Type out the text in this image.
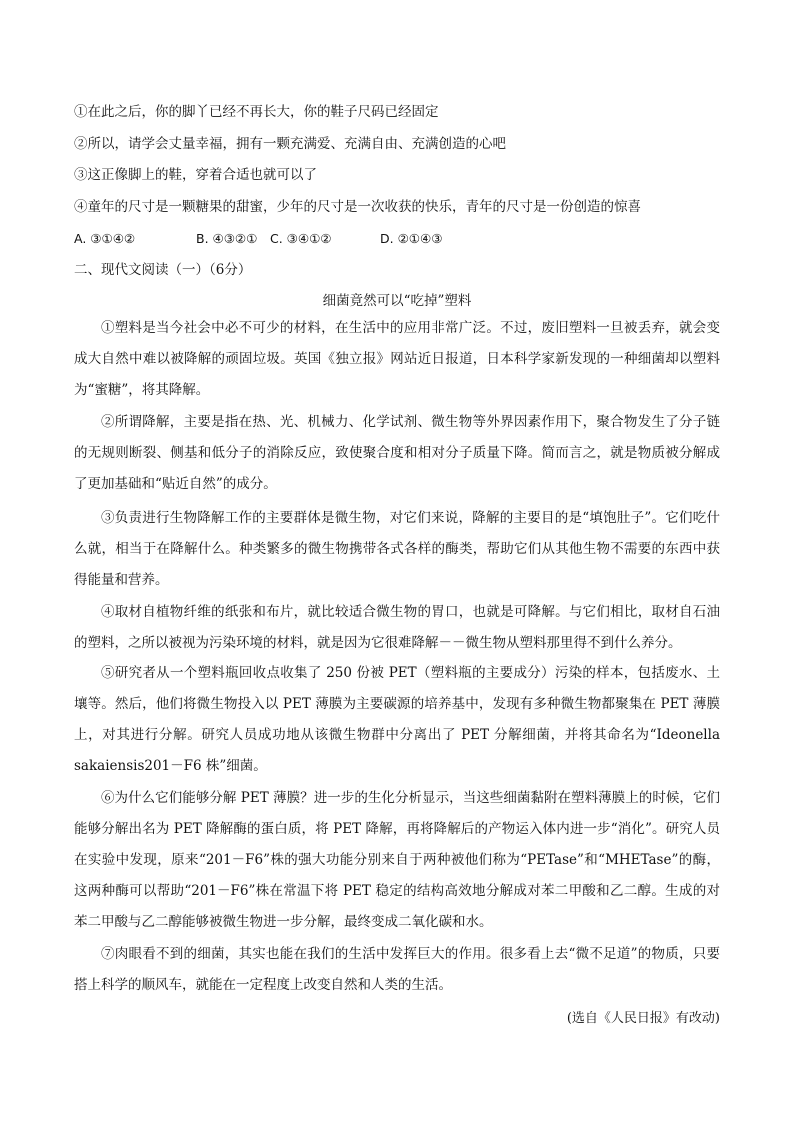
①在此之后，你的脚丫已经不再长大，你的鞋子尺码已经固定
②所以，请学会丈量幸福，拥有一颗充满爱、充满自由、充满创造的心吧
③这正像脚上的鞋，穿着合适也就可以了
④童年的尺寸是一颗糖果的甜蜜，少年的尺寸是一次收获的快乐，青年的尺寸是一份创造的惊喜
A. ③①④②	B. ④③②① C. ③④①②	D. ②①④③
二、现代文阅读（一）（6分）
细菌竟然可以“吃掉”塑料

①塑料是当今社会中必不可少的材料，在生活中的应用非常广泛。不过，废旧塑料一旦被丢弃，就会变成大自然中难以被降解的顽固垃圾。英国《独立报》网站近日报道，日本科学家新发现的一种细菌却以塑料为“蜜糖”，将其降解。

②所谓降解，主要是指在热、光、机械力、化学试剂、微生物等外界因素作用下，聚合物发生了分子链的无规则断裂、侧基和低分子的消除反应，致使聚合度和相对分子质量下降。简而言之，就是物质被分解成了更加基础和“贴近自然”的成分。

③负责进行生物降解工作的主要群体是微生物，对它们来说，降解的主要目的是“填饱肚子”。它们吃什么就，相当于在降解什么。种类繁多的微生物携带各式各样的酶类，帮助它们从其他生物不需要的东西中获得能量和营养。

④取材自植物纤维的纸张和布片，就比较适合微生物的胃口，也就是可降解。与它们相比，取材自石油的塑料，之所以被视为污染环境的材料，就是因为它很难降解－－微生物从塑料那里得不到什么养分。

⑤研究者从一个塑料瓶回收点收集了 250 份被 PET（塑料瓶的主要成分）污染的样本，包括废水、土壤等。然后，他们将微生物投入以 PET 薄膜为主要碳源的培养基中，发现有多种微生物都聚集在 PET 薄膜上，对其进行分解。研究人员成功地从该微生物群中分离出了 PET 分解细菌，并将其命名为“Ideonella sakaiensis201－F6 株”细菌。

⑥为什么它们能够分解 PET 薄膜？进一步的生化分析显示，当这些细菌黏附在塑料薄膜上的时候，它们能够分解出名为 PET 降解酶的蛋白质，将 PET 降解，再将降解后的产物运入体内进一步“消化”。研究人员在实验中发现，原来“201－F6”株的强大功能分别来自于两种被他们称为“PETase”和“MHETase”的酶，这两种酶可以帮助“201－F6”株在常温下将 PET 稳定的结构高效地分解成对苯二甲酸和乙二醇。生成的对苯二甲酸与乙二醇能够被微生物进一步分解，最终变成二氧化碳和水。

⑦肉眼看不到的细菌，其实也能在我们的生活中发挥巨大的作用。很多看上去“微不足道”的物质，只要搭上科学的顺风车，就能在一定程度上改变自然和人类的生活。

(选自《人民日报》有改动)
